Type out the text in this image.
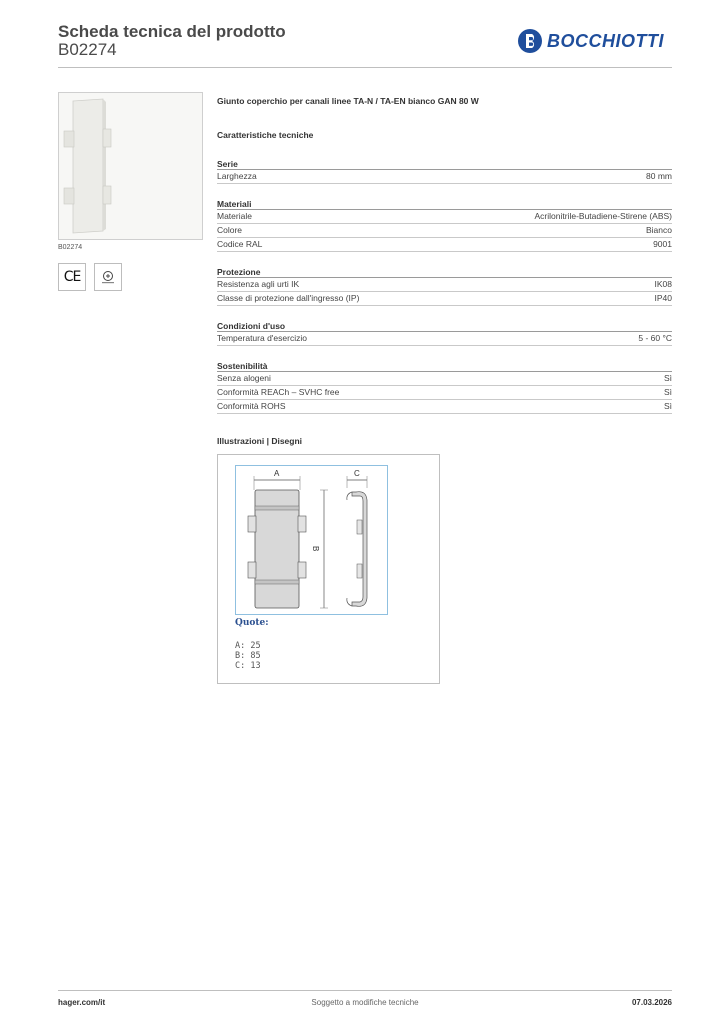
Scheda tecnica del prodotto
B02274	BOCCHIOTTI
B02274
CE
Giunto coperchio per canali linee TA-N / TA-EN bianco GAN 80 W
Caratteristiche tecniche
Serie
Larghezza	80 mm
Materiali
Materiale	Acrilonitrile-Butadiene-Stirene (ABS)
Colore	Bianco
Codice RAL	9001
Protezione
Resistenza agli urti IK	IK08
Classe di protezione dall'ingresso (IP)	IP40
Condizioni d'uso
Temperatura d'esercizio	5 - 60 °C
Sostenibilità
Senza alogeni	Sì
Conformità REACh – SVHC free	Sì
Conformità ROHS	Sì
Illustrazioni | Disegni
A
B
C
Quote:
A: 25
B: 85
C: 13
hager.com/it	Soggetto a modifiche tecniche	07.03.2026
